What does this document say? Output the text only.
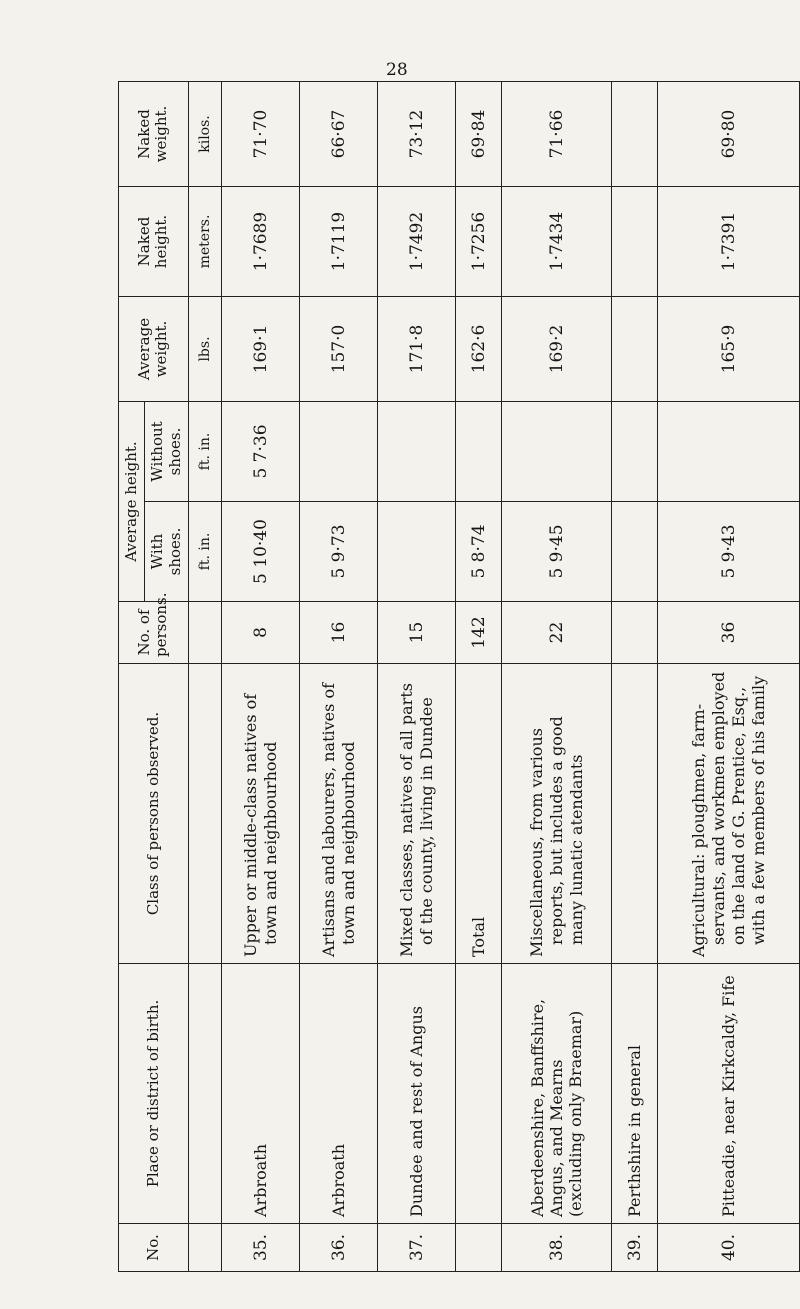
28
No.	Place or district of birth.	Class of persons observed.	No. of persons.	Average height.		Average weight.	Naked height.	Naked weight.
				With shoes.	Without shoes.			
				ft. in.	ft. in.	lbs.	meters.	kilos.
35.	Arbroath	Upper or middle-class natives of town and neighbourhood	8	5 10·40	5 7·36	169·1	1·7689	71·70
36.	Arbroath	Artisans and labourers, natives of town and neighbourhood	16	5 9·73		157·0	1·7119	66·67
37.	Dundee and rest of Angus	Mixed classes, natives of all parts of the county, living in Dundee	15			171·8	1·7492	73·12
		Total	142	5 8·74		162·6	1·7256	69·84
38.	Aberdeenshire, Banffshire, Angus, and Mearns (excluding only Braemar)	Miscellaneous, from various reports, but includes a good many lunatic atendants	22	5 9·45		169·2	1·7434	71·66
39.	Perthshire in general							
40.	Pitteadie, near Kirkcaldy, Fife	Agricultural: ploughmen, farm-servants, and workmen employed on the land of G. Prentice, Esq., with a few members of his family	36	5 9·43		165·9	1·7391	69·80
